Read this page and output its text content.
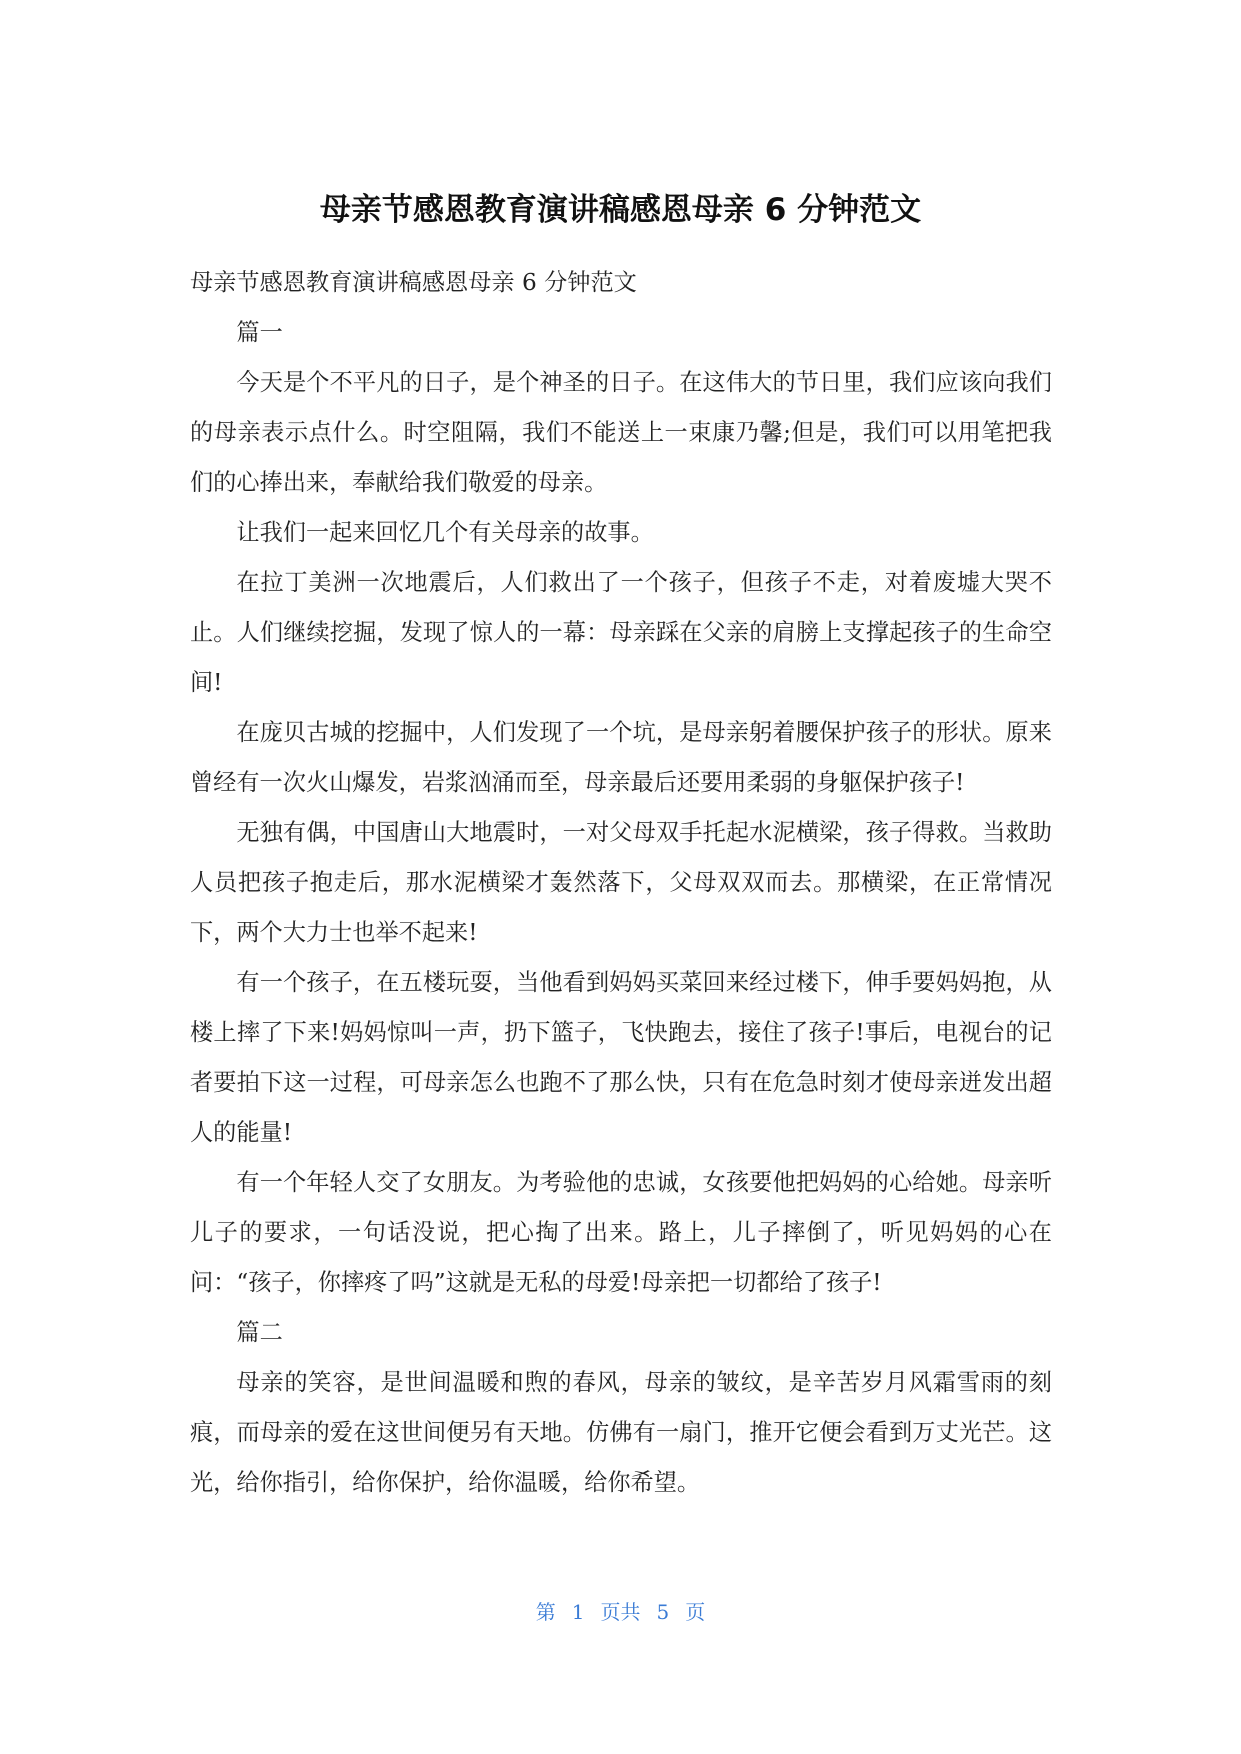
母亲节感恩教育演讲稿感恩母亲 6 分钟范文

母亲节感恩教育演讲稿感恩母亲 6 分钟范文

篇一

今天是个不平凡的日子，是个神圣的日子。在这伟大的节日里，我们应该向我们的母亲表示点什么。时空阻隔，我们不能送上一束康乃馨;但是，我们可以用笔把我们的心捧出来，奉献给我们敬爱的母亲。

让我们一起来回忆几个有关母亲的故事。

在拉丁美洲一次地震后，人们救出了一个孩子，但孩子不走，对着废墟大哭不止。人们继续挖掘，发现了惊人的一幕：母亲踩在父亲的肩膀上支撑起孩子的生命空间!

在庞贝古城的挖掘中，人们发现了一个坑，是母亲躬着腰保护孩子的形状。原来曾经有一次火山爆发，岩浆汹涌而至，母亲最后还要用柔弱的身躯保护孩子!

无独有偶，中国唐山大地震时，一对父母双手托起水泥横梁，孩子得救。当救助人员把孩子抱走后，那水泥横梁才轰然落下，父母双双而去。那横梁，在正常情况下，两个大力士也举不起来!

有一个孩子，在五楼玩耍，当他看到妈妈买菜回来经过楼下，伸手要妈妈抱，从楼上摔了下来!妈妈惊叫一声，扔下篮子，飞快跑去，接住了孩子!事后，电视台的记者要拍下这一过程，可母亲怎么也跑不了那么快，只有在危急时刻才使母亲迸发出超人的能量!

有一个年轻人交了女朋友。为考验他的忠诚，女孩要他把妈妈的心给她。母亲听儿子的要求，一句话没说，把心掏了出来。路上，儿子摔倒了，听见妈妈的心在问：“孩子，你摔疼了吗”这就是无私的母爱!母亲把一切都给了孩子!

篇二

母亲的笑容，是世间温暖和煦的春风，母亲的皱纹，是辛苦岁月风霜雪雨的刻痕，而母亲的爱在这世间便另有天地。仿佛有一扇门，推开它便会看到万丈光芒。这光，给你指引，给你保护，给你温暖，给你希望。

第 1 页共 5 页
